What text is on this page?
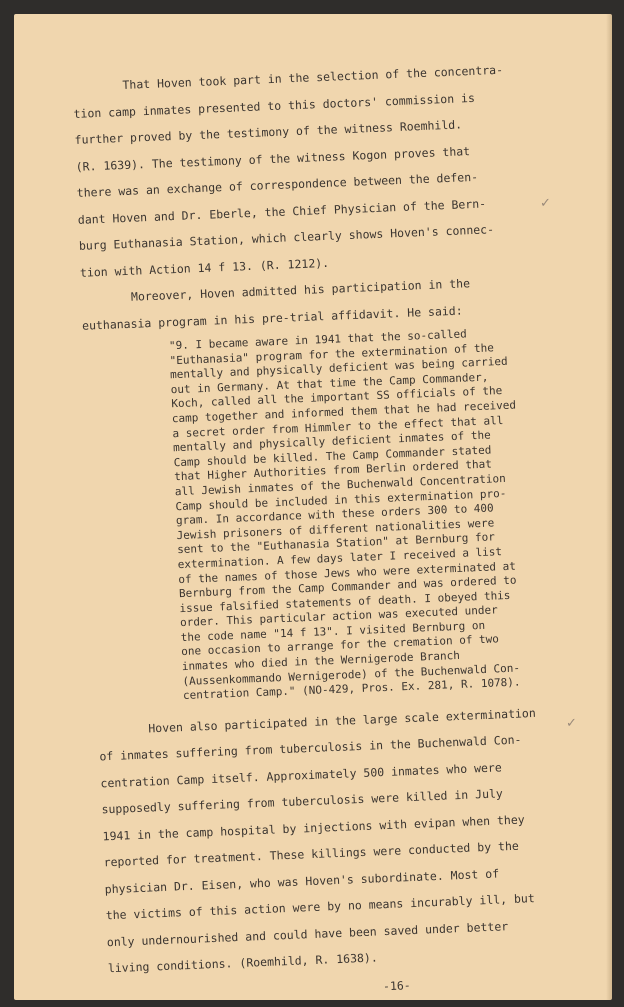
That Hoven took part in the selection of the concentra-
tion camp inmates presented to this doctors' commission is
further proved by the testimony of the witness Roemhild.
(R. 1639). The testimony of the witness Kogon proves that
there was an exchange of correspondence between the defen-
dant Hoven and Dr. Eberle, the Chief Physician of the Bern-
burg Euthanasia Station, which clearly shows Hoven's connec-
tion with Action 14 f 13. (R. 1212).

Moreover, Hoven admitted his participation in the
euthanasia program in his pre-trial affidavit. He said:

"9. I became aware in 1941 that the so-called
"Euthanasia" program for the extermination of the
mentally and physically deficient was being carried
out in Germany. At that time the Camp Commander,
Koch, called all the important SS officials of the
camp together and informed them that he had received
a secret order from Himmler to the effect that all
mentally and physically deficient inmates of the
Camp should be killed. The Camp Commander stated
that Higher Authorities from Berlin ordered that
all Jewish inmates of the Buchenwald Concentration
Camp should be included in this extermination pro-
gram. In accordance with these orders 300 to 400
Jewish prisoners of different nationalities were
sent to the "Euthanasia Station" at Bernburg for
extermination. A few days later I received a list
of the names of those Jews who were exterminated at
Bernburg from the Camp Commander and was ordered to
issue falsified statements of death. I obeyed this
order. This particular action was executed under
the code name "14 f 13". I visited Bernburg on
one occasion to arrange for the cremation of two
inmates who died in the Wernigerode Branch
(Aussenkommando Wernigerode) of the Buchenwald Con-
centration Camp." (NO-429, Pros. Ex. 281, R. 1078).

Hoven also participated in the large scale extermination
of inmates suffering from tuberculosis in the Buchenwald Con-
centration Camp itself. Approximately 500 inmates who were
supposedly suffering from tuberculosis were killed in July
1941 in the camp hospital by injections with evipan when they
reported for treatment. These killings were conducted by the
physician Dr. Eisen, who was Hoven's subordinate. Most of
the victims of this action were by no means incurably ill, but
only undernourished and could have been saved under better
living conditions. (Roemhild, R. 1638).

-16-
✓
✓
